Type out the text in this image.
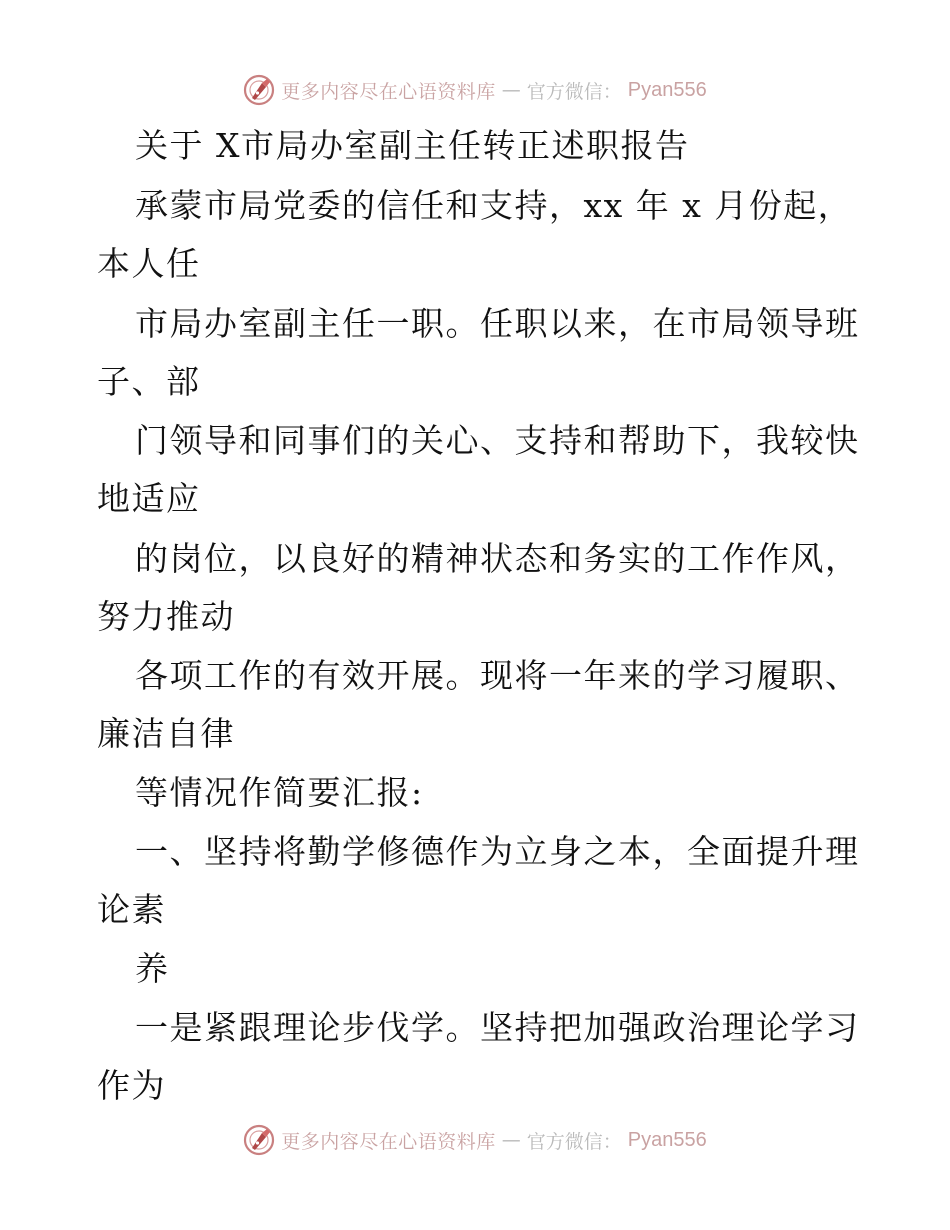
更多内容尽在心语资料库 — 官方微信： Pyan556
关于 X市局办室副主任转正述职报告
承蒙市局党委的信任和支持，xx 年 x 月份起，
本人任
市局办室副主任一职。任职以来，在市局领导班
子、部
门领导和同事们的关心、支持和帮助下，我较快
地适应
的岗位，以良好的精神状态和务实的工作作风，
努力推动
各项工作的有效开展。现将一年来的学习履职、
廉洁自律
等情况作简要汇报:
一、坚持将勤学修德作为立身之本，全面提升理
论素
养
一是紧跟理论步伐学。坚持把加强政治理论学习
作为
更多内容尽在心语资料库 — 官方微信： Pyan556
